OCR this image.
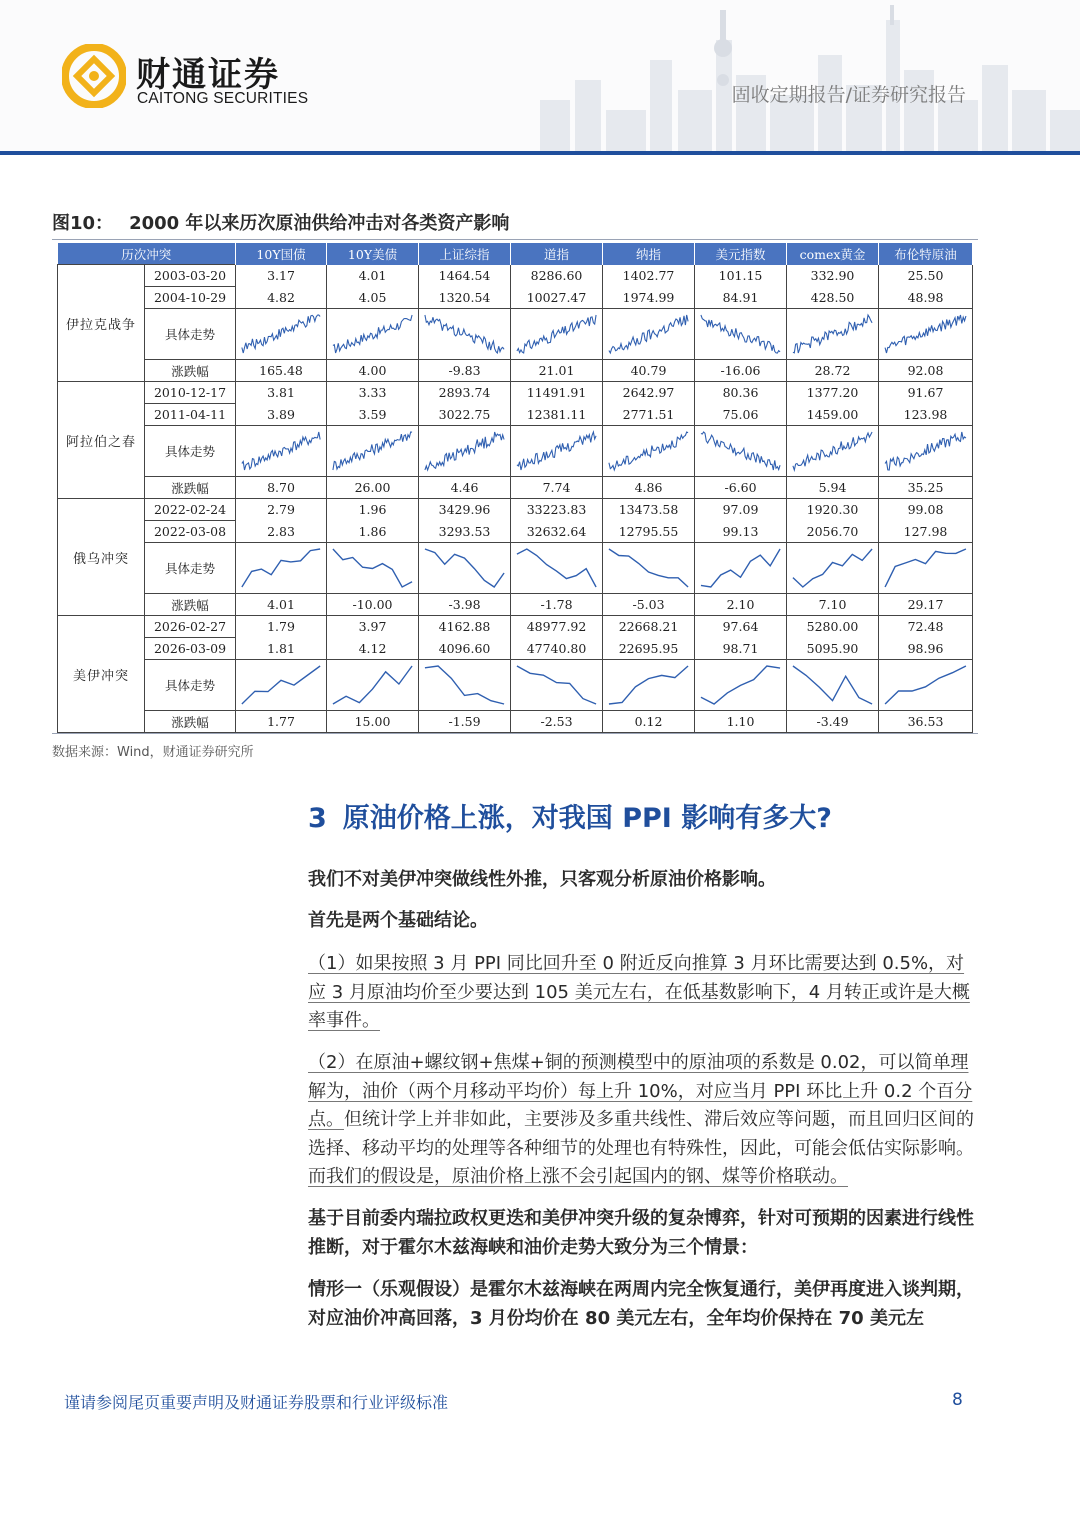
财通证券
CAITONG SECURITIES	固收定期报告/证券研究报告
图10： 2000 年以来历次原油供给冲击对各类资产影响
历次冲突		10Y国债	10Y美债	上证综指	道指	纳指	美元指数	comex黄金	布伦特原油
伊拉克战争	2003-03-20	3.17	4.01	1464.54	8286.60	1402.77	101.15	332.90	25.50
	2004-10-29	4.82	4.05	1320.54	10027.47	1974.99	84.91	428.50	48.98
	具体走势	

	涨跌幅	165.48	4.00	-9.83	21.01	40.79	-16.06	28.72	92.08
阿拉伯之春	2010-12-17	3.81	3.33	2893.74	11491.91	2642.97	80.36	1377.20	91.67
	2011-04-11	3.89	3.59	3022.75	12381.11	2771.51	75.06	1459.00	123.98
	具体走势	

	涨跌幅	8.70	26.00	4.46	7.74	4.86	-6.60	5.94	35.25
俄乌冲突	2022-02-24	2.79	1.96	3429.96	33223.83	13473.58	97.09	1920.30	99.08
	2022-03-08	2.83	1.86	3293.53	32632.64	12795.55	99.13	2056.70	127.98
	具体走势	

	涨跌幅	4.01	-10.00	-3.98	-1.78	-5.03	2.10	7.10	29.17
美伊冲突	2026-02-27	1.79	3.97	4162.88	48977.92	22668.21	97.64	5280.00	72.48
	2026-03-09	1.81	4.12	4096.60	47740.80	22695.95	98.71	5095.90	98.96
	具体走势	

	涨跌幅	1.77	15.00	-1.59	-2.53	0.12	1.10	-3.49	36.53
数据来源：Wind，财通证券研究所
3 原油价格上涨，对我国 PPI 影响有多大?
我们不对美伊冲突做线性外推，只客观分析原油价格影响。
首先是两个基础结论。
（1）如果按照 3 月 PPI 同比回升至 0 附近反向推算 3 月环比需要达到 0.5%，对应 3 月原油均价至少要达到 105 美元左右，在低基数影响下，4 月转正或许是大概率事件。
（2）在原油+螺纹钢+焦煤+铜的预测模型中的原油项的系数是 0.02，可以简单理解为，油价（两个月移动平均价）每上升 10%，对应当月 PPI 环比上升 0.2 个百分点。但统计学上并非如此，主要涉及多重共线性、滞后效应等问题，而且回归区间的选择、移动平均的处理等各种细节的处理也有特殊性，因此，可能会低估实际影响。而我们的假设是，原油价格上涨不会引起国内的钢、煤等价格联动。
基于目前委内瑞拉政权更迭和美伊冲突升级的复杂博弈，针对可预期的因素进行线性推断，对于霍尔木兹海峡和油价走势大致分为三个情景：
情形一（乐观假设）是霍尔木兹海峡在两周内完全恢复通行，美伊再度进入谈判期，对应油价冲高回落，3 月份均价在 80 美元左右，全年均价保持在 70 美元左
谨请参阅尾页重要声明及财通证券股票和行业评级标准	8
